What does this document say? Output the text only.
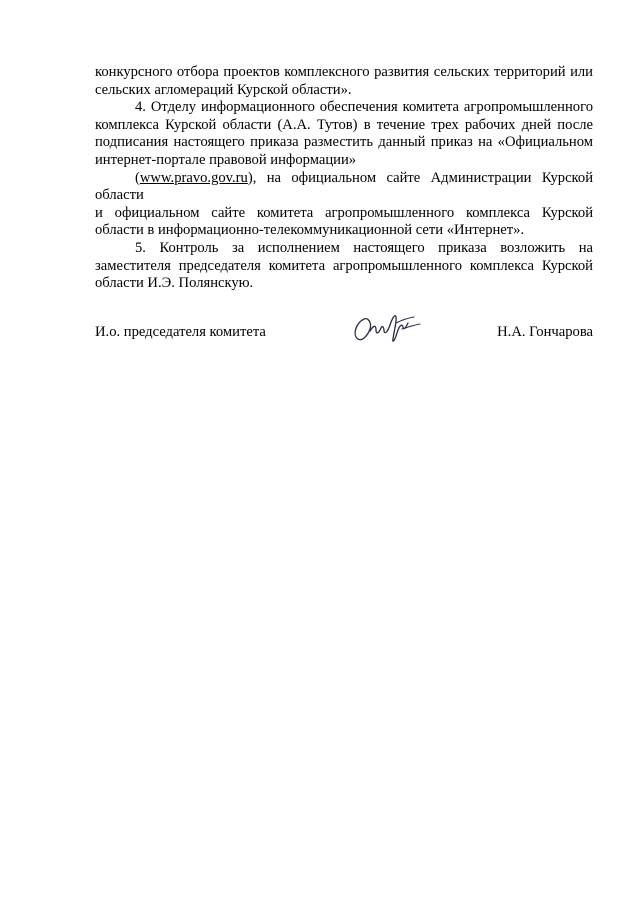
конкурсного отбора проектов комплексного развития сельских территорий или сельских агломераций Курской области».

4. Отделу информационного обеспечения комитета агропромышленного комплекса Курской области (А.А. Тутов) в течение трех рабочих дней после подписания настоящего приказа разместить данный приказ на «Официальном интернет-портале правовой информации»
(www.pravo.gov.ru), на официальном сайте Администрации Курской области
и официальном сайте комитета агропромышленного комплекса Курской области в информационно-телекоммуникационной сети «Интернет».

5. Контроль за исполнением настоящего приказа возложить на заместителя председателя комитета агропромышленного комплекса Курской области И.Э. Полянскую.

И.о. председателя комитета	Н.А. Гончарова
